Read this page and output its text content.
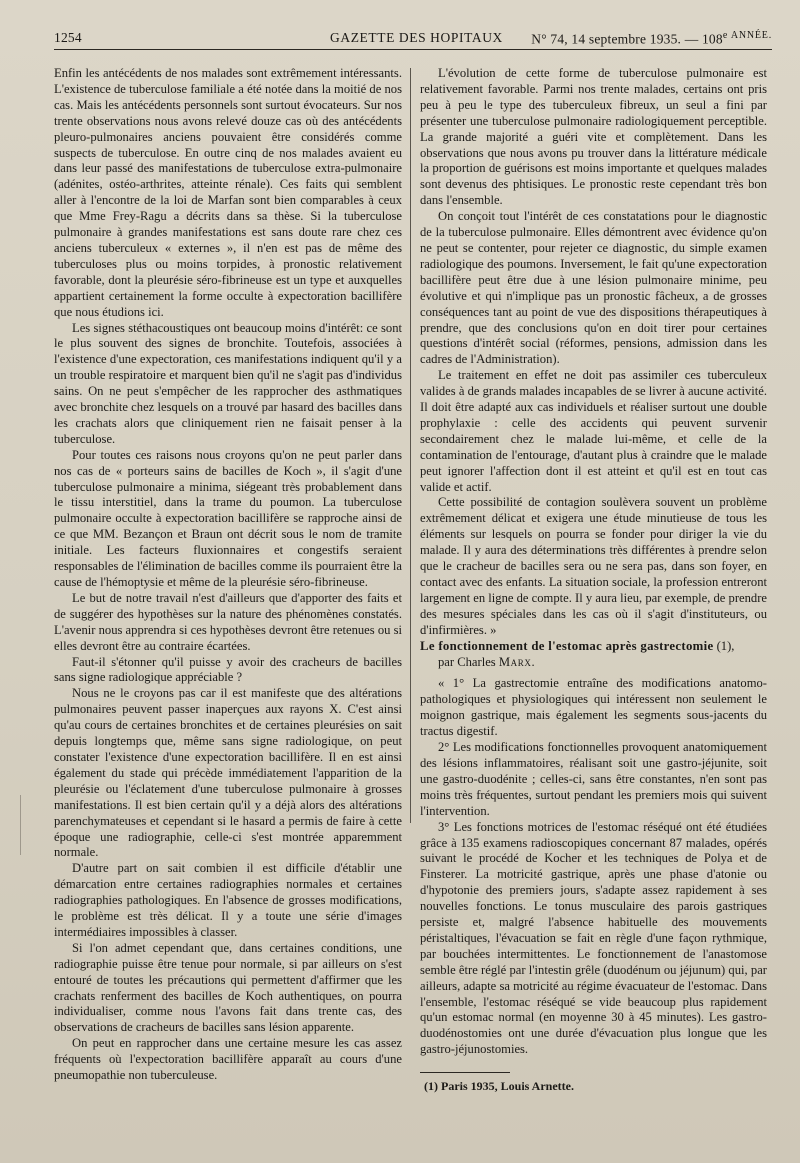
1254	GAZETTE DES HOPITAUX N° 74, 14 septembre 1935. — $108^{e ANNÉE.}$

Enfin les antécédents de nos malades sont extrêmement intéressants. L'existence de tuberculose familiale a été notée dans la moitié de nos cas. Mais les antécédents personnels sont surtout évocateurs. Sur nos trente observations nous avons relevé douze cas où des antécédents pleuro-pulmonaires anciens pouvaient être considérés comme suspects de tuberculose. En outre cinq de nos malades avaient eu dans leur passé des manifestations de tuberculose extra-pulmonaire (adénites, ostéo-arthrites, atteinte rénale). Ces faits qui semblent aller à l'encontre de la loi de Marfan sont bien comparables à ceux que Mme Frey-Ragu a décrits dans sa thèse. Si la tuberculose pulmonaire à grandes manifestations est sans doute rare chez ces anciens tuberculeux « externes », il n'en est pas de même des tuberculoses plus ou moins torpides, à pronostic relativement favorable, dont la pleurésie séro-fibrineuse est un type et auxquelles appartient certainement la forme occulte à expectoration bacillifère que nous étudions ici.

Les signes stéthacoustiques ont beaucoup moins d'intérêt: ce sont le plus souvent des signes de bronchite. Toutefois, associées à l'existence d'une expectoration, ces manifestations indiquent qu'il y a un trouble respiratoire et marquent bien qu'il ne s'agit pas d'individus sains. On ne peut s'empêcher de les rapprocher des asthmatiques avec bronchite chez lesquels on a trouvé par hasard des bacilles dans les crachats alors que cliniquement rien ne faisait penser à la tuberculose.

Pour toutes ces raisons nous croyons qu'on ne peut parler dans nos cas de « porteurs sains de bacilles de Koch », il s'agit d'une tuberculose pulmonaire a minima, siégeant très probablement dans le tissu interstitiel, dans la trame du poumon. La tuberculose pulmonaire occulte à expectoration bacillifère se rapproche ainsi de ce que MM. Bezançon et Braun ont décrit sous le nom de tramite initiale. Les facteurs fluxionnaires et congestifs seraient responsables de l'élimination de bacilles comme ils pourraient être la cause de l'hémoptysie et même de la pleurésie séro-fibrineuse.

Le but de notre travail n'est d'ailleurs que d'apporter des faits et de suggérer des hypothèses sur la nature des phénomènes constatés. L'avenir nous apprendra si ces hypothèses devront être retenues ou si elles devront être au contraire écartées.

Faut-il s'étonner qu'il puisse y avoir des cracheurs de bacilles sans signe radiologique appréciable ?

Nous ne le croyons pas car il est manifeste que des altérations pulmonaires peuvent passer inaperçues aux rayons X. C'est ainsi qu'au cours de certaines bronchites et de certaines pleurésies on sait depuis longtemps que, même sans signe radiologique, on peut constater l'existence d'une expectoration bacillifère. Il en est ainsi également du stade qui précède immédiatement l'apparition de la pleurésie ou l'éclatement d'une tuberculose pulmonaire à grosses manifestations. Il est bien certain qu'il y a déjà alors des altérations parenchymateuses et cependant si le hasard a permis de faire à cette époque une radiographie, celle-ci s'est montrée apparemment normale.

D'autre part on sait combien il est difficile d'établir une démarcation entre certaines radiographies normales et certaines radiographies pathologiques. En l'absence de grosses modifications, le problème est très délicat. Il y a toute une série d'images intermédiaires impossibles à classer.

Si l'on admet cependant que, dans certaines conditions, une radiographie puisse être tenue pour normale, si par ailleurs on s'est entouré de toutes les précautions qui permettent d'affirmer que les crachats renferment des bacilles de Koch authentiques, on pourra individualiser, comme nous l'avons fait dans trente cas, des observations de cracheurs de bacilles sans lésion apparente.

On peut en rapprocher dans une certaine mesure les cas assez fréquents où l'expectoration bacillifère apparaît au cours d'une pneumopathie non tuberculeuse.

L'évolution de cette forme de tuberculose pulmonaire est relativement favorable. Parmi nos trente malades, certains ont pris peu à peu le type des tuberculeux fibreux, un seul a fini par présenter une tuberculose pulmonaire radiologiquement perceptible. La grande majorité a guéri vite et complètement. Dans les observations que nous avons pu trouver dans la littérature médicale la proportion de guérisons est moins importante et quelques malades sont devenus des phtisiques. Le pronostic reste cependant très bon dans l'ensemble.

On conçoit tout l'intérêt de ces constatations pour le diagnostic de la tuberculose pulmonaire. Elles démontrent avec évidence qu'on ne peut se contenter, pour rejeter ce diagnostic, du simple examen radiologique des poumons. Inversement, le fait qu'une expectoration bacillifère peut être due à une lésion pulmonaire minime, peu évolutive et qui n'implique pas un pronostic fâcheux, a de grosses conséquences tant au point de vue des dispositions thérapeutiques à prendre, que des conclusions qu'on en doit tirer pour certaines questions d'intérêt social (réformes, pensions, admission dans les cadres de l'Administration).

Le traitement en effet ne doit pas assimiler ces tuberculeux valides à de grands malades incapables de se livrer à aucune activité. Il doit être adapté aux cas individuels et réaliser surtout une double prophylaxie : celle des accidents qui peuvent survenir secondairement chez le malade lui-même, et celle de la contamination de l'entourage, d'autant plus à craindre que le malade peut ignorer l'affection dont il est atteint et qu'il est en tout cas valide et actif.

Cette possibilité de contagion soulèvera souvent un problème extrêmement délicat et exigera une étude minutieuse de tous les éléments sur lesquels on pourra se fonder pour diriger la vie du malade. Il y aura des déterminations très différentes à prendre selon que le cracheur de bacilles sera ou ne sera pas, dans son foyer, en contact avec des enfants. La situation sociale, la profession entreront largement en ligne de compte. Il y aura lieu, par exemple, de prendre des mesures spéciales dans les cas où il s'agit d'instituteurs, ou d'infirmières. »

Le fonctionnement de l'estomac après gastrectomie (1),
par Charles Marx.

« 1° La gastrectomie entraîne des modifications anatomo-pathologiques et physiologiques qui intéressent non seulement le moignon gastrique, mais également les segments sous-jacents du tractus digestif.

2° Les modifications fonctionnelles provoquent anatomiquement des lésions inflammatoires, réalisant soit une gastro-jéjunite, soit une gastro-duodénite ; celles-ci, sans être constantes, n'en sont pas moins très fréquentes, surtout pendant les premiers mois qui suivent l'intervention.

3° Les fonctions motrices de l'estomac réséqué ont été étudiées grâce à 135 examens radioscopiques concernant 87 malades, opérés suivant le procédé de Kocher et les techniques de Polya et de Finsterer. La motricité gastrique, après une phase d'atonie ou d'hypotonie des premiers jours, s'adapte assez rapidement à ses nouvelles fonctions. Le tonus musculaire des parois gastriques persiste et, malgré l'absence habituelle des mouvements péristaltiques, l'évacuation se fait en règle d'une façon rythmique, par bouchées intermittentes. Le fonctionnement de l'anastomose semble être réglé par l'intestin grêle (duodénum ou jéjunum) qui, par ailleurs, adapte sa motricité au régime évacuateur de l'estomac. Dans l'ensemble, l'estomac réséqué se vide beaucoup plus rapidement qu'un estomac normal (en moyenne 30 à 45 minutes). Les gastro-duodénostomies ont une durée d'évacuation plus longue que les gastro-jéjunostomies.

(1) Paris 1935, Louis Arnette.
